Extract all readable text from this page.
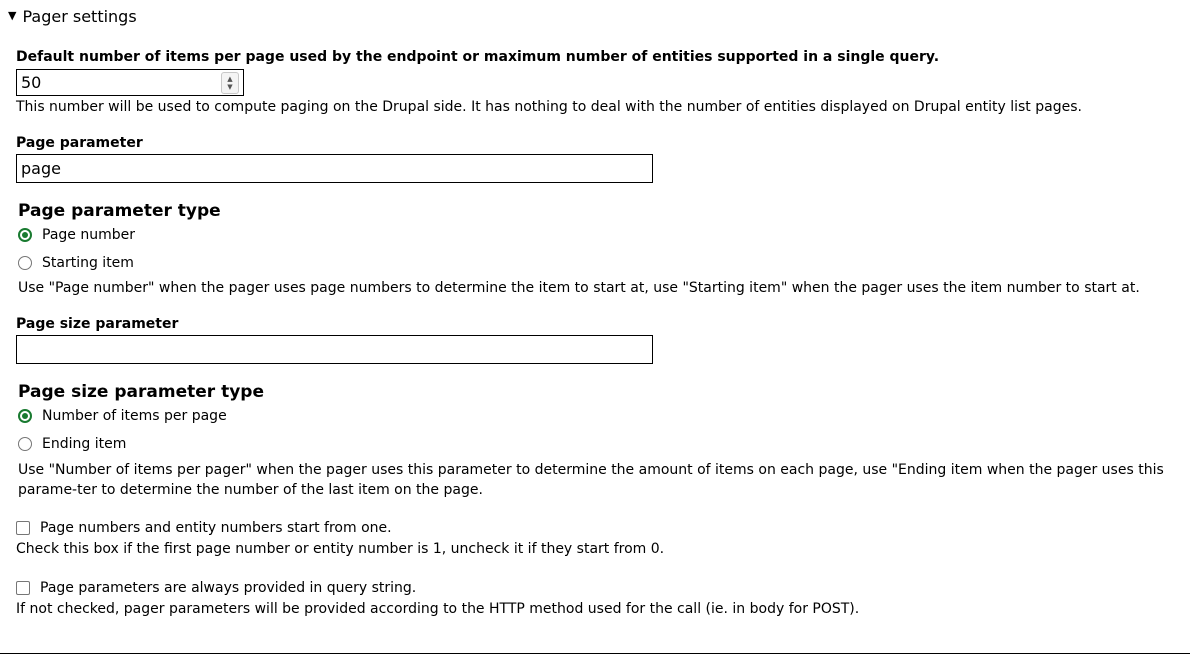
▼ Pager settings
Default number of items per page used by the endpoint or maximum number of entities supported in a single query.
50	▲
▼
This number will be used to compute paging on the Drupal side. It has nothing to deal with the number of entities displayed on Drupal entity list pages.
Page parameter
page
Page parameter type
Page number
Starting item
Use "Page number" when the pager uses page numbers to determine the item to start at, use "Starting item" when the pager uses the item number to start at.
Page size parameter
Page size parameter type
Number of items per page
Ending item
Use "Number of items per pager" when the pager uses this parameter to determine the amount of items on each page, use "Ending item when the pager uses this parame-ter to determine the number of the last item on the page.
Page numbers and entity numbers start from one.
Check this box if the first page number or entity number is 1, uncheck it if they start from 0.
Page parameters are always provided in query string.
If not checked, pager parameters will be provided according to the HTTP method used for the call (ie. in body for POST).
